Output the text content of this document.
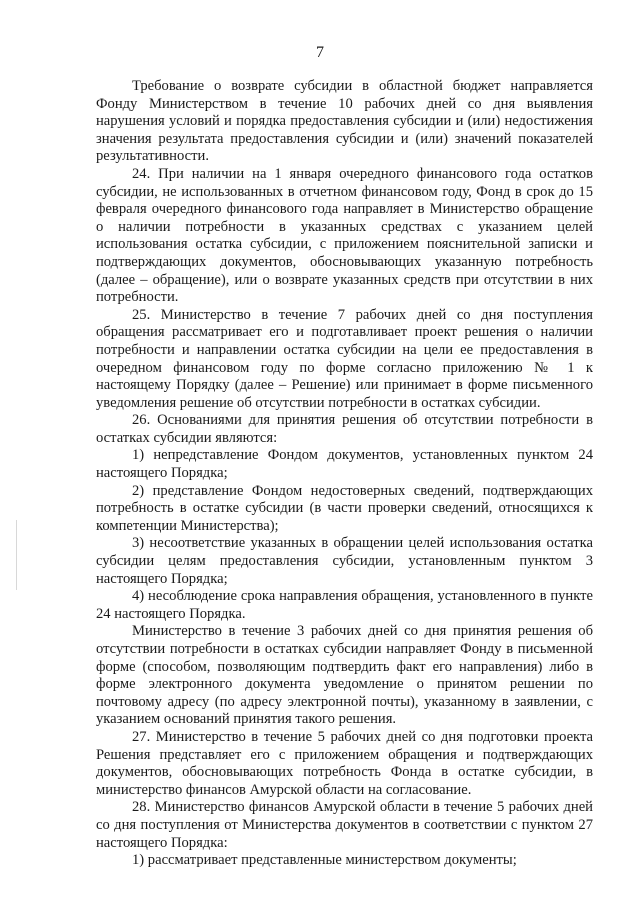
7

Требование о возврате субсидии в областной бюджет направляется Фонду Министерством в течение 10 рабочих дней со дня выявления нарушения условий и порядка предоставления субсидии и (или) недостижения значения результата предоставления субсидии и (или) значений показателей результативности.

24. При наличии на 1 января очередного финансового года остатков субсидии, не использованных в отчетном финансовом году, Фонд в срок до 15 февраля очередного финансового года направляет в Министерство обращение о наличии потребности в указанных средствах с указанием целей использования остатка субсидии, с приложением пояснительной записки и подтверждающих документов, обосновывающих указанную потребность (далее – обращение), или о возврате указанных средств при отсутствии в них потребности.

25. Министерство в течение 7 рабочих дней со дня поступления обращения рассматривает его и подготавливает проект решения о наличии потребности и направлении остатка субсидии на цели ее предоставления в очередном финансовом году по форме согласно приложению № 1 к настоящему Порядку (далее – Решение) или принимает в форме письменного уведомления решение об отсутствии потребности в остатках субсидии.

26. Основаниями для принятия решения об отсутствии потребности в остатках субсидии являются:

1) непредставление Фондом документов, установленных пунктом 24 настоящего Порядка;

2) представление Фондом недостоверных сведений, подтверждающих потребность в остатке субсидии (в части проверки сведений, относящихся к компетенции Министерства);

3) несоответствие указанных в обращении целей использования остатка субсидии целям предоставления субсидии, установленным пунктом 3 настоящего Порядка;

4) несоблюдение срока направления обращения, установленного в пункте 24 настоящего Порядка.

Министерство в течение 3 рабочих дней со дня принятия решения об отсутствии потребности в остатках субсидии направляет Фонду в письменной форме (способом, позволяющим подтвердить факт его направления) либо в форме электронного документа уведомление о принятом решении по почтовому адресу (по адресу электронной почты), указанному в заявлении, с указанием оснований принятия такого решения.

27. Министерство в течение 5 рабочих дней со дня подготовки проекта Решения представляет его с приложением обращения и подтверждающих документов, обосновывающих потребность Фонда в остатке субсидии, в министерство финансов Амурской области на согласование.

28. Министерство финансов Амурской области в течение 5 рабочих дней со дня поступления от Министерства документов в соответствии с пунктом 27 настоящего Порядка:

1) рассматривает представленные министерством документы;
